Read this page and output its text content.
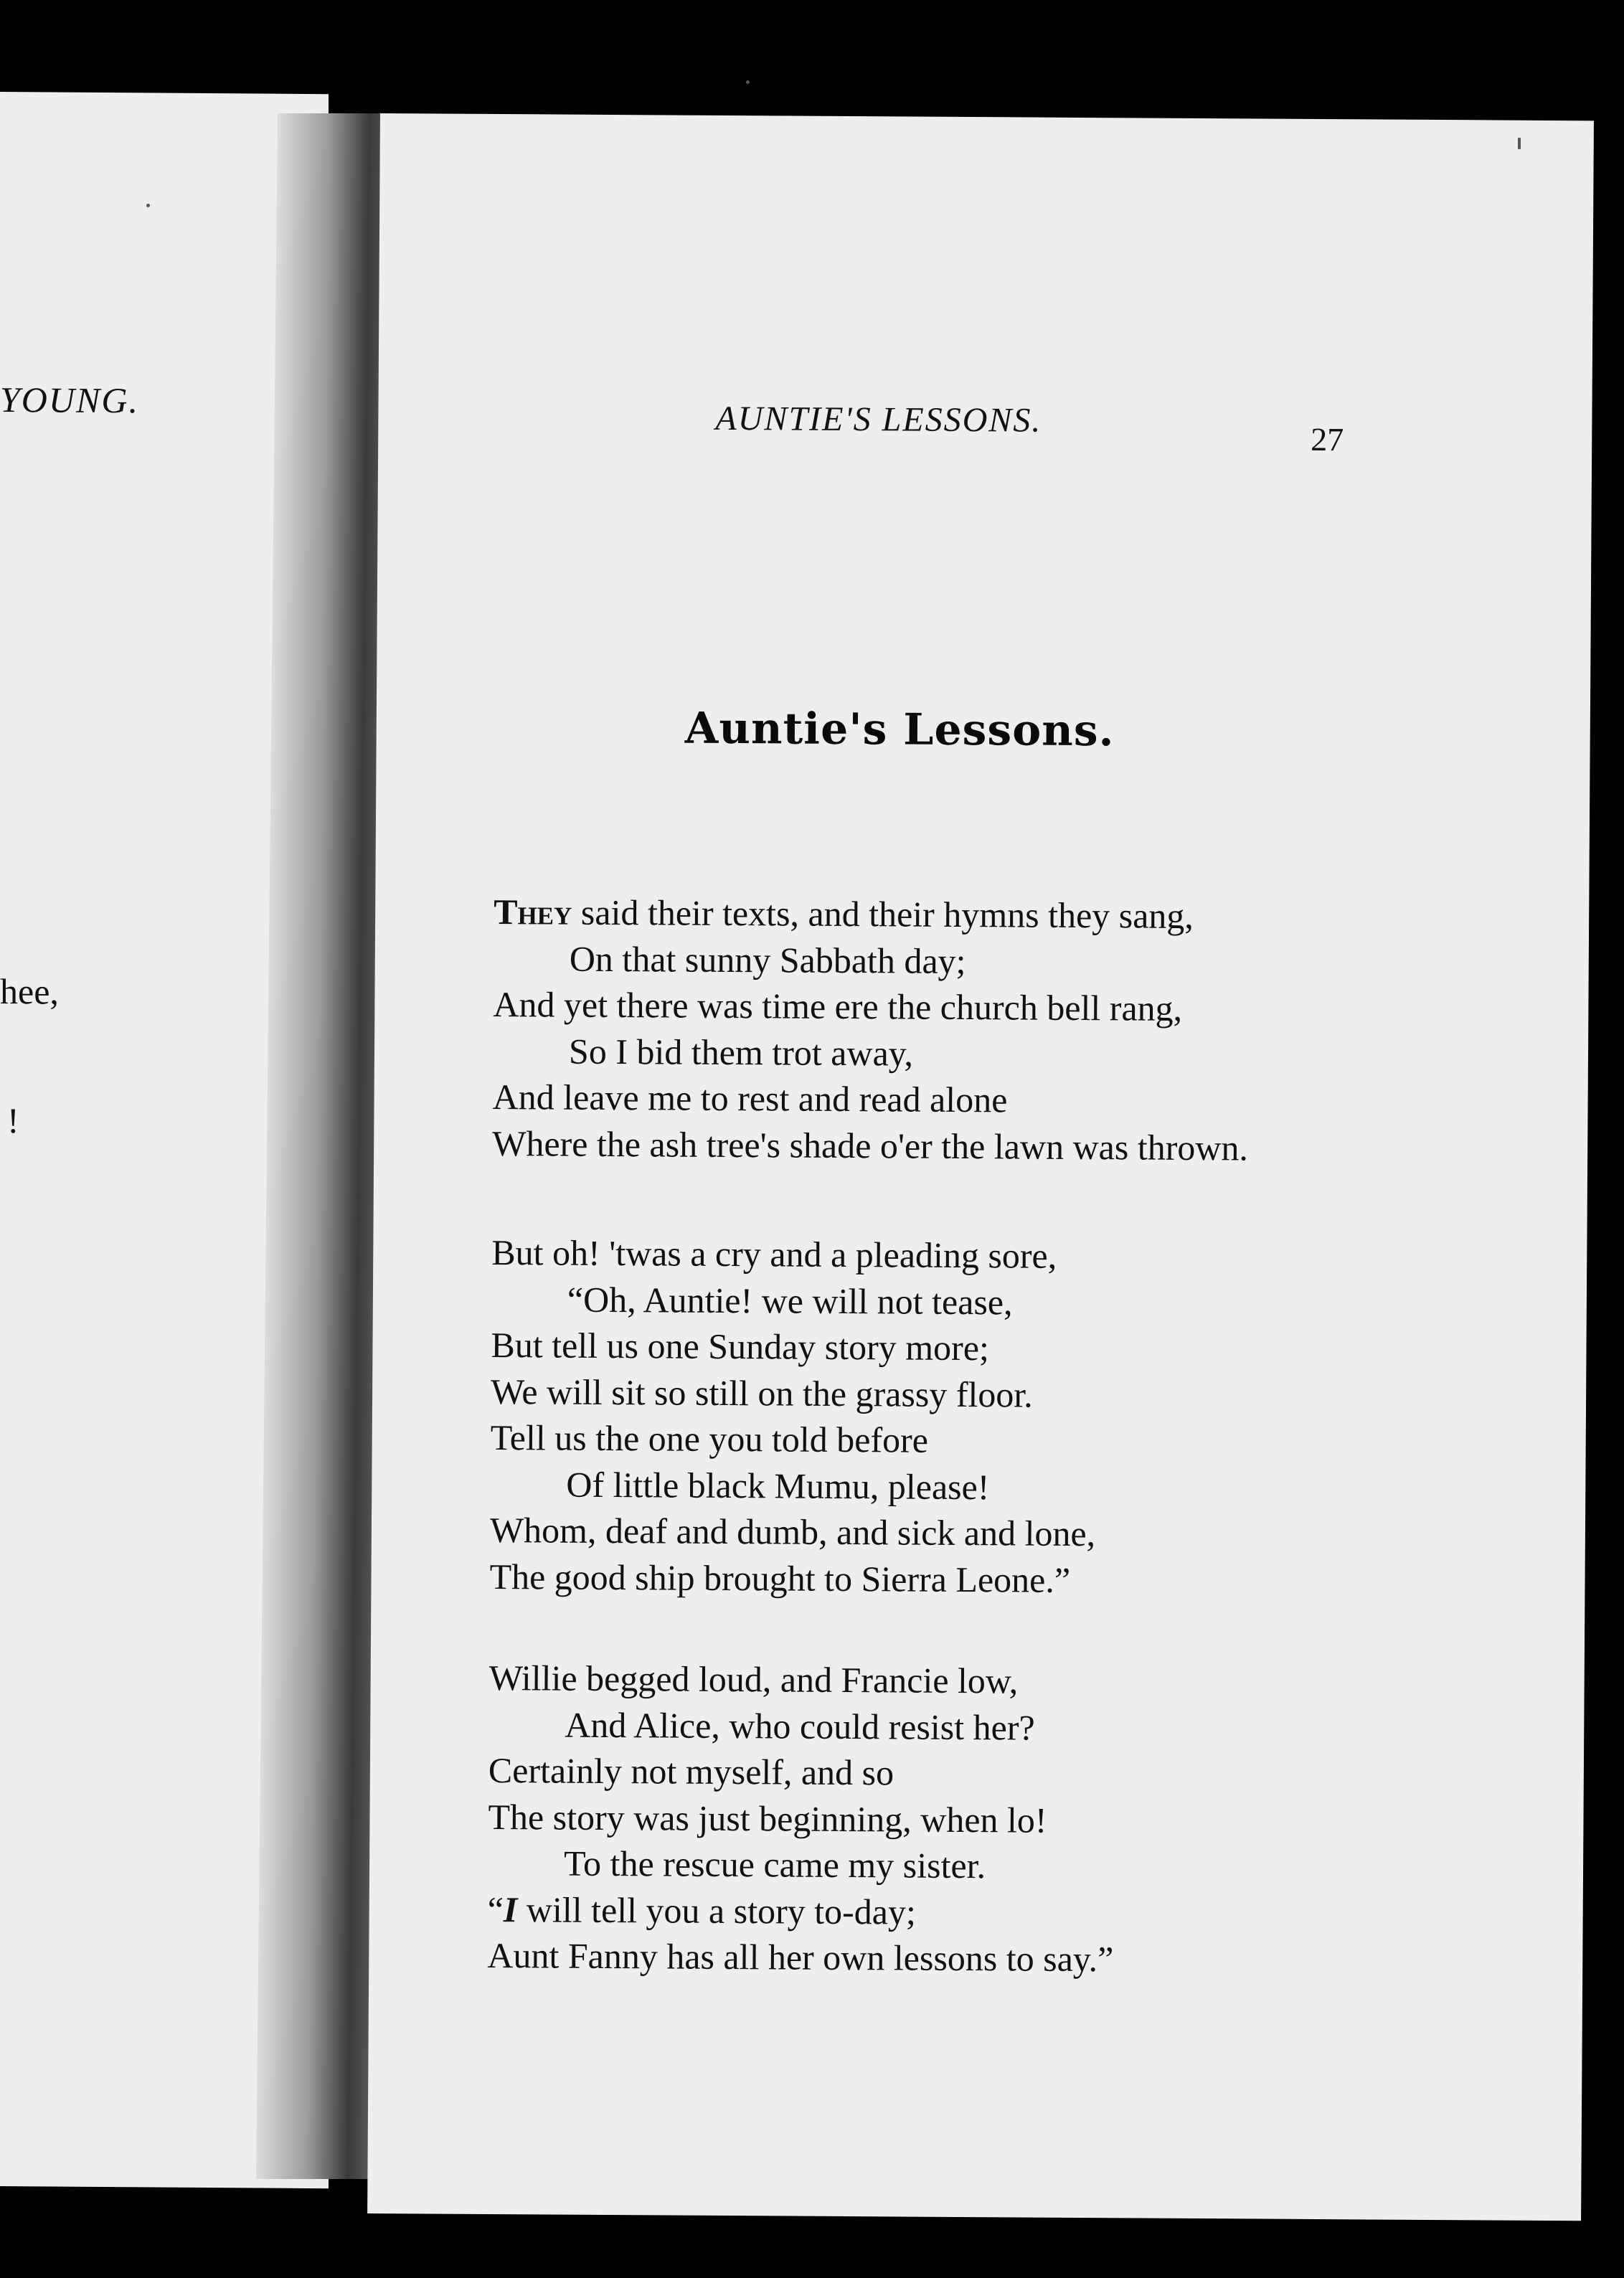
YOUNG.
hee,
!
AUNTIE'S LESSONS.	27
Auntie's Lessons.
They said their texts, and their hymns they sang,
On that sunny Sabbath day;
And yet there was time ere the church bell rang,
So I bid them trot away,
And leave me to rest and read alone
Where the ash tree's shade o'er the lawn was thrown.
But oh! 'twas a cry and a pleading sore,
“Oh, Auntie! we will not tease,
But tell us one Sunday story more;
We will sit so still on the grassy floor.
Tell us the one you told before
Of little black Mumu, please!
Whom, deaf and dumb, and sick and lone,
The good ship brought to Sierra Leone.”
Willie begged loud, and Francie low,
And Alice, who could resist her?
Certainly not myself, and so
The story was just beginning, when lo!
To the rescue came my sister.
“I will tell you a story to-day;
Aunt Fanny has all her own lessons to say.”
